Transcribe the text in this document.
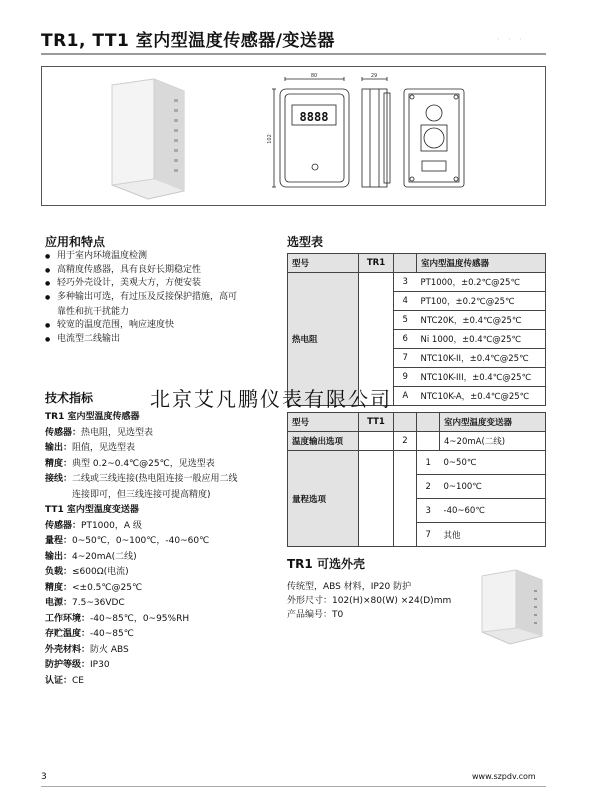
TR1, TT1 室内型温度传感器/变送器	· · ·
80
102
8888
29
应用和特点
● 用于室内环境温度检测
● 高精度传感器，具有良好长期稳定性
● 轻巧外壳设计，美观大方，方便安装
● 多种输出可选，有过压及反接保护措施，高可
靠性和抗干扰能力
● 较宽的温度范围，响应速度快
● 电流型二线输出
技术指标
TR1 室内型温度传感器
传感器：热电阻，见选型表
输出：阻值，见选型表
精度：典型 0.2~0.4℃@25℃，见选型表
接线：二线或三线连接(热电阻连接一般应用二线
连接即可，但三线连接可提高精度)
TT1 室内型温度变送器
传感器：PT1000，A 级
量程：0~50℃，0~100℃，-40~60℃
输出：4~20mA(二线)
负载：≤600Ω(电流)
精度：<±0.5℃@25℃
电源：7.5~36VDC
工作环境：-40~85℃，0~95%RH
存贮温度：-40~85℃
外壳材料：防火 ABS
防护等级：IP30
认证：CE
选型表
型号	TR1		室内型温度传感器
热电阻		3	PT1000，±0.2℃@25℃
		4	PT100，±0.2℃@25℃
		5	NTC20K，±0.4℃@25℃
		6	Ni 1000，±0.4℃@25℃
		7	NTC10K-II，±0.4℃@25℃
		9	NTC10K-III，±0.4℃@25℃
		A	NTC10K-A，±0.4℃@25℃
北京艾凡鹏仪表有限公司
型号	TT1			室内型温度变送器
温度输出选项		2		4~20mA(二线)
量程选项			1	0~50℃
			2	0~100℃
			3	-40~60℃
			7	其他
TR1 可选外壳
传统型，ABS 材料，IP20 防护
外形尺寸：102(H)×80(W) ×24(D)mm
产品编号：T0
3	www.szpdv.com
